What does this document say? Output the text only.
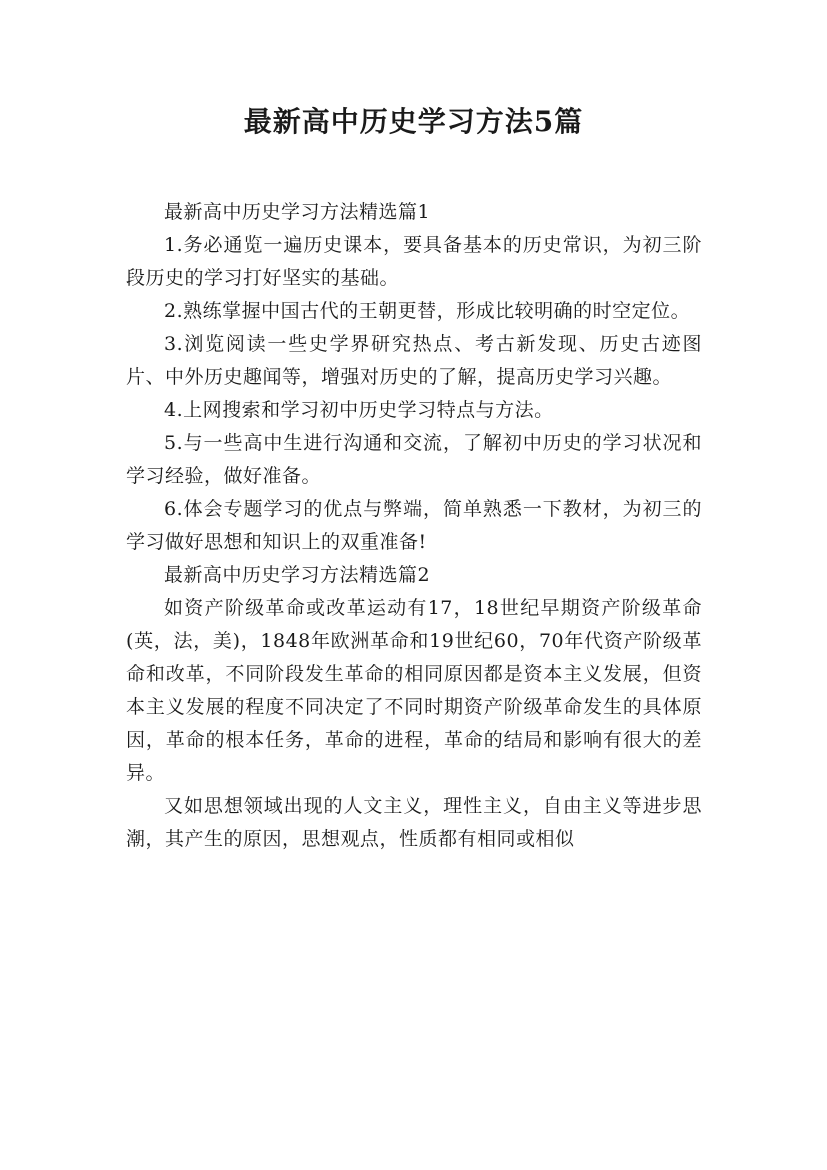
最新高中历史学习方法5篇

最新高中历史学习方法精选篇1

1.务必通览一遍历史课本，要具备基本的历史常识，为初三阶段历史的学习打好坚实的基础。

2.熟练掌握中国古代的王朝更替，形成比较明确的时空定位。

3.浏览阅读一些史学界研究热点、考古新发现、历史古迹图片、中外历史趣闻等，增强对历史的了解，提高历史学习兴趣。

4.上网搜索和学习初中历史学习特点与方法。

5.与一些高中生进行沟通和交流，了解初中历史的学习状况和学习经验，做好准备。

6.体会专题学习的优点与弊端，简单熟悉一下教材，为初三的学习做好思想和知识上的双重准备!

最新高中历史学习方法精选篇2

如资产阶级革命或改革运动有17，18世纪早期资产阶级革命(英，法，美)，1848年欧洲革命和19世纪60，70年代资产阶级革命和改革，不同阶段发生革命的相同原因都是资本主义发展，但资本主义发展的程度不同决定了不同时期资产阶级革命发生的具体原因，革命的根本任务，革命的进程，革命的结局和影响有很大的差异。

又如思想领域出现的人文主义，理性主义，自由主义等进步思潮，其产生的原因，思想观点，性质都有相同或相似
